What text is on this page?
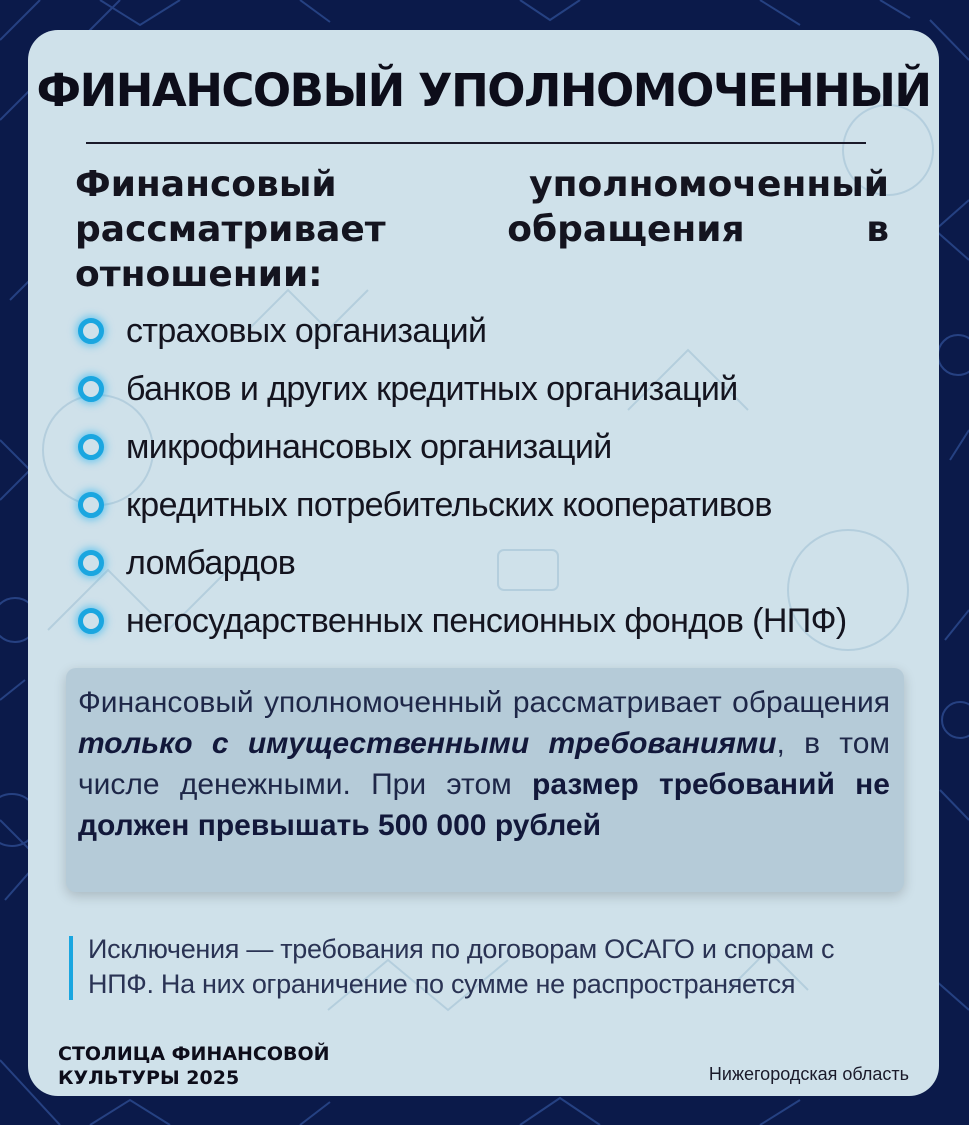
ФИНАНСОВЫЙ УПОЛНОМОЧЕННЫЙ

Финансовый уполномоченный рассматривает обращения в отношении:

страховых организаций
банков и других кредитных организаций
микрофинансовых организаций
кредитных потребительских кооперативов
ломбардов
негосударственных пенсионных фондов (НПФ)

Финансовый уполномоченный рассматривает обращения только с имущественными требованиями, в том числе денежными. При этом размер требований не должен превышать 500 000 рублей

Исключения — требования по договорам ОСАГО и спорам с НПФ. На них ограничение по сумме не распространяется

СТОЛИЦА ФИНАНСОВОЙ
КУЛЬТУРЫ 2025	Нижегородская область
